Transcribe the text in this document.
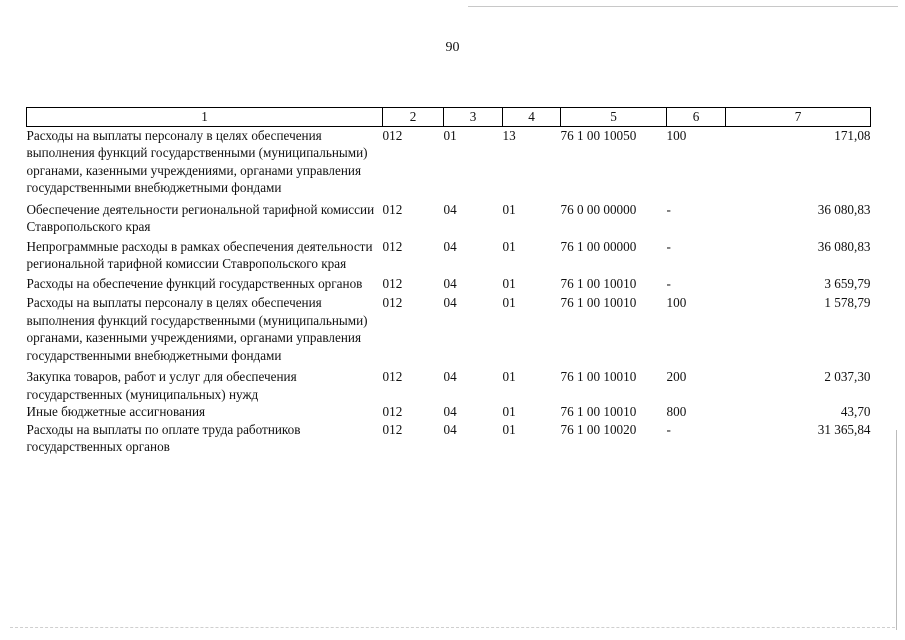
90
1	2	3	4	5	6	7
Расходы на выплаты персоналу в целях обеспечения выполнения функций государственными (муниципальными) органами, казенными учреждениями, органами управления государственными внебюджетными фондами	012	01	13	76 1 00 10050	100	171,08
Обеспечение деятельности региональной тарифной комиссии Ставропольского края	012	04	01	76 0 00 00000	-	36 080,83
Непрограммные расходы в рамках обеспечения деятельности региональной тарифной комиссии Ставропольского края	012	04	01	76 1 00 00000	-	36 080,83
Расходы на обеспечение функций государственных органов	012	04	01	76 1 00 10010	-	3 659,79
Расходы на выплаты персоналу в целях обеспечения выполнения функций государственными (муниципальными) органами, казенными учреждениями, органами управления государственными внебюджетными фондами	012	04	01	76 1 00 10010	100	1 578,79
Закупка товаров, работ и услуг для обеспечения государственных (муниципальных) нужд	012	04	01	76 1 00 10010	200	2 037,30
Иные бюджетные ассигнования	012	04	01	76 1 00 10010	800	43,70
Расходы на выплаты по оплате труда работников государственных органов	012	04	01	76 1 00 10020	-	31 365,84
